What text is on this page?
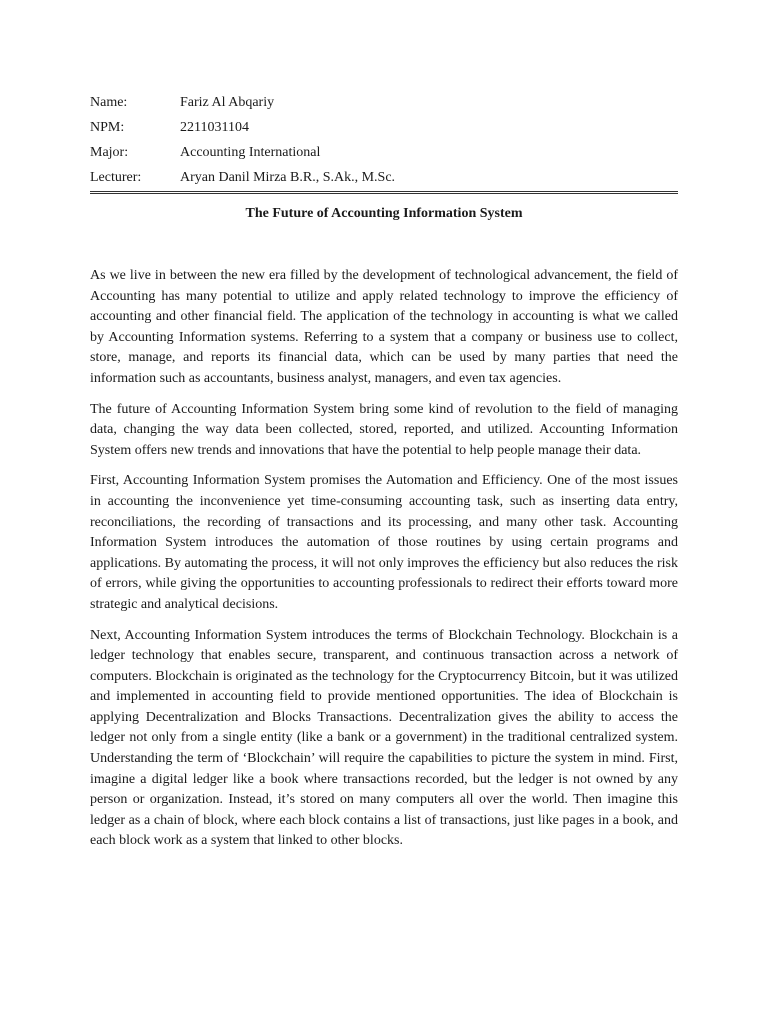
Name:	Fariz Al Abqariy
NPM:	2211031104
Major:	Accounting International
Lecturer:	Aryan Danil Mirza B.R., S.Ak., M.Sc.
The Future of Accounting Information System

As we live in between the new era filled by the development of technological advancement, the field of Accounting has many potential to utilize and apply related technology to improve the efficiency of accounting and other financial field. The application of the technology in accounting is what we called by Accounting Information systems. Referring to a system that a company or business use to collect, store, manage, and reports its financial data, which can be used by many parties that need the information such as accountants, business analyst, managers, and even tax agencies.

The future of Accounting Information System bring some kind of revolution to the field of managing data, changing the way data been collected, stored, reported, and utilized. Accounting Information System offers new trends and innovations that have the potential to help people manage their data.

First, Accounting Information System promises the Automation and Efficiency. One of the most issues in accounting the inconvenience yet time-consuming accounting task, such as inserting data entry, reconciliations, the recording of transactions and its processing, and many other task. Accounting Information System introduces the automation of those routines by using certain programs and applications. By automating the process, it will not only improves the efficiency but also reduces the risk of errors, while giving the opportunities to accounting professionals to redirect their efforts toward more strategic and analytical decisions.

Next, Accounting Information System introduces the terms of Blockchain Technology. Blockchain is a ledger technology that enables secure, transparent, and continuous transaction across a network of computers. Blockchain is originated as the technology for the Cryptocurrency Bitcoin, but it was utilized and implemented in accounting field to provide mentioned opportunities. The idea of Blockchain is applying Decentralization and Blocks Transactions. Decentralization gives the ability to access the ledger not only from a single entity (like a bank or a government) in the traditional centralized system. Understanding the term of ‘Blockchain’ will require the capabilities to picture the system in mind. First, imagine a digital ledger like a book where transactions recorded, but the ledger is not owned by any person or organization. Instead, it’s stored on many computers all over the world. Then imagine this ledger as a chain of block, where each block contains a list of transactions, just like pages in a book, and each block work as a system that linked to other blocks.
